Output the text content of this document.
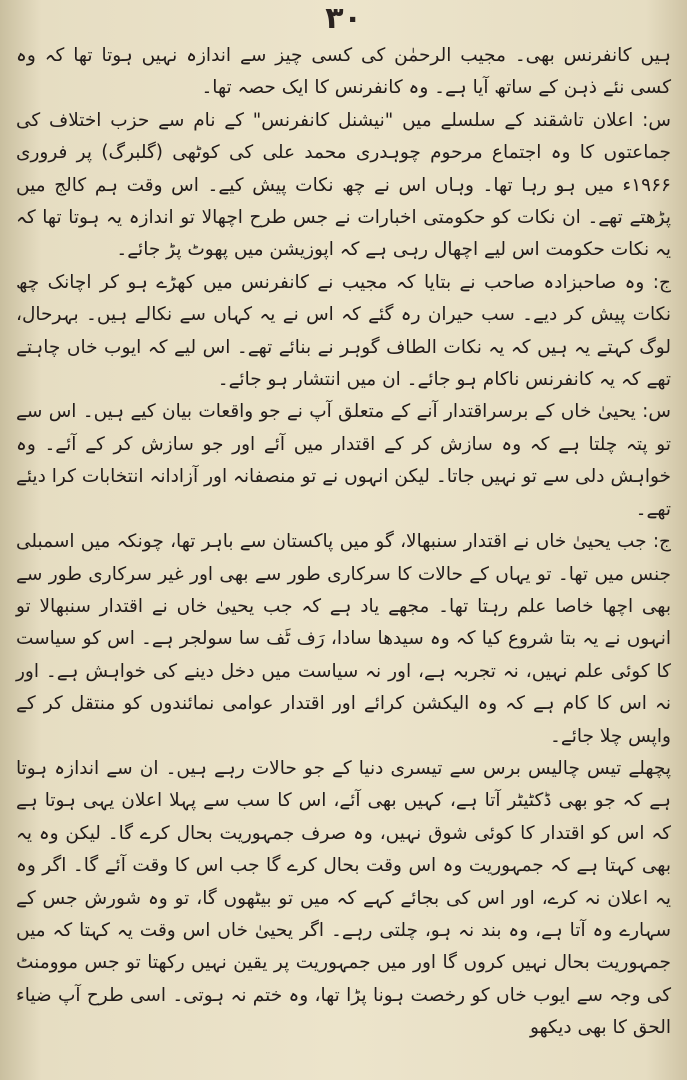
۳۰

ہیں کانفرنس بھی۔ مجیب الرحمٰن کی کسی چیز سے اندازہ نہیں ہوتا تھا کہ وہ کسی نئے ذہن کے ساتھ آیا ہے۔ وہ کانفرنس کا ایک حصہ تھا۔

س: اعلان تاشقند کے سلسلے میں "نیشنل کانفرنس" کے نام سے حزب اختلاف کی جماعتوں کا وہ اجتماع مرحوم چوہدری محمد علی کی کوٹھی (گلبرگ) پر فروری ۱۹۶۶ء میں ہو رہا تھا۔ وہاں اس نے چھ نکات پیش کیے۔ اس وقت ہم کالج میں پڑھتے تھے۔ ان نکات کو حکومتی اخبارات نے جس طرح اچھالا تو اندازہ یہ ہوتا تھا کہ یہ نکات حکومت اس لیے اچھال رہی ہے کہ اپوزیشن میں پھوٹ پڑ جائے۔

ج: وہ صاحبزادہ صاحب نے بتایا کہ مجیب نے کانفرنس میں کھڑے ہو کر اچانک چھ نکات پیش کر دیے۔ سب حیران رہ گئے کہ اس نے یہ کہاں سے نکالے ہیں۔ بہرحال، لوگ کہتے یہ ہیں کہ یہ نکات الطاف گوہر نے بنائے تھے۔ اس لیے کہ ایوب خاں چاہتے تھے کہ یہ کانفرنس ناکام ہو جائے۔ ان میں انتشار ہو جائے۔

س: یحییٰ خاں کے برسراقتدار آنے کے متعلق آپ نے جو واقعات بیان کیے ہیں۔ اس سے تو پتہ چلتا ہے کہ وہ سازش کر کے اقتدار میں آئے اور جو سازش کر کے آئے۔ وہ خواہش دلی سے تو نہیں جاتا۔ لیکن انہوں نے تو منصفانہ اور آزادانہ انتخابات کرا دیئے تھے۔

ج: جب یحییٰ خاں نے اقتدار سنبھالا، گو میں پاکستان سے باہر تھا، چونکہ میں اسمبلی جنس میں تھا۔ تو یہاں کے حالات کا سرکاری طور سے بھی اور غیر سرکاری طور سے بھی اچھا خاصا علم رہتا تھا۔ مجھے یاد ہے کہ جب یحییٰ خاں نے اقتدار سنبھالا تو انہوں نے یہ بتا شروع کیا کہ وہ سیدھا سادا، رَف ٹَف سا سولجر ہے۔ اس کو سیاست کا کوئی علم نہیں، نہ تجربہ ہے، اور نہ سیاست میں دخل دینے کی خواہش ہے۔ اور نہ اس کا کام ہے کہ وہ الیکشن کرائے اور اقتدار عوامی نمائندوں کو منتقل کر کے واپس چلا جائے۔

پچھلے تیس چالیس برس سے تیسری دنیا کے جو حالات رہے ہیں۔ ان سے اندازہ ہوتا ہے کہ جو بھی ڈکٹیٹر آتا ہے، کہیں بھی آئے، اس کا سب سے پہلا اعلان یہی ہوتا ہے کہ اس کو اقتدار کا کوئی شوق نہیں، وہ صرف جمہوریت بحال کرے گا۔ لیکن وہ یہ بھی کہتا ہے کہ جمہوریت وہ اس وقت بحال کرے گا جب اس کا وقت آئے گا۔ اگر وہ یہ اعلان نہ کرے، اور اس کی بجائے کہے کہ میں تو بیٹھوں گا، تو وہ شورش جس کے سہارے وہ آتا ہے، وہ بند نہ ہو، چلتی رہے۔ اگر یحییٰ خاں اس وقت یہ کہتا کہ میں جمہوریت بحال نہیں کروں گا اور میں جمہوریت پر یقین نہیں رکھتا تو جس موومنٹ کی وجہ سے ایوب خاں کو رخصت ہونا پڑا تھا، وہ ختم نہ ہوتی۔ اسی طرح آپ ضیاء الحق کا بھی دیکھو
